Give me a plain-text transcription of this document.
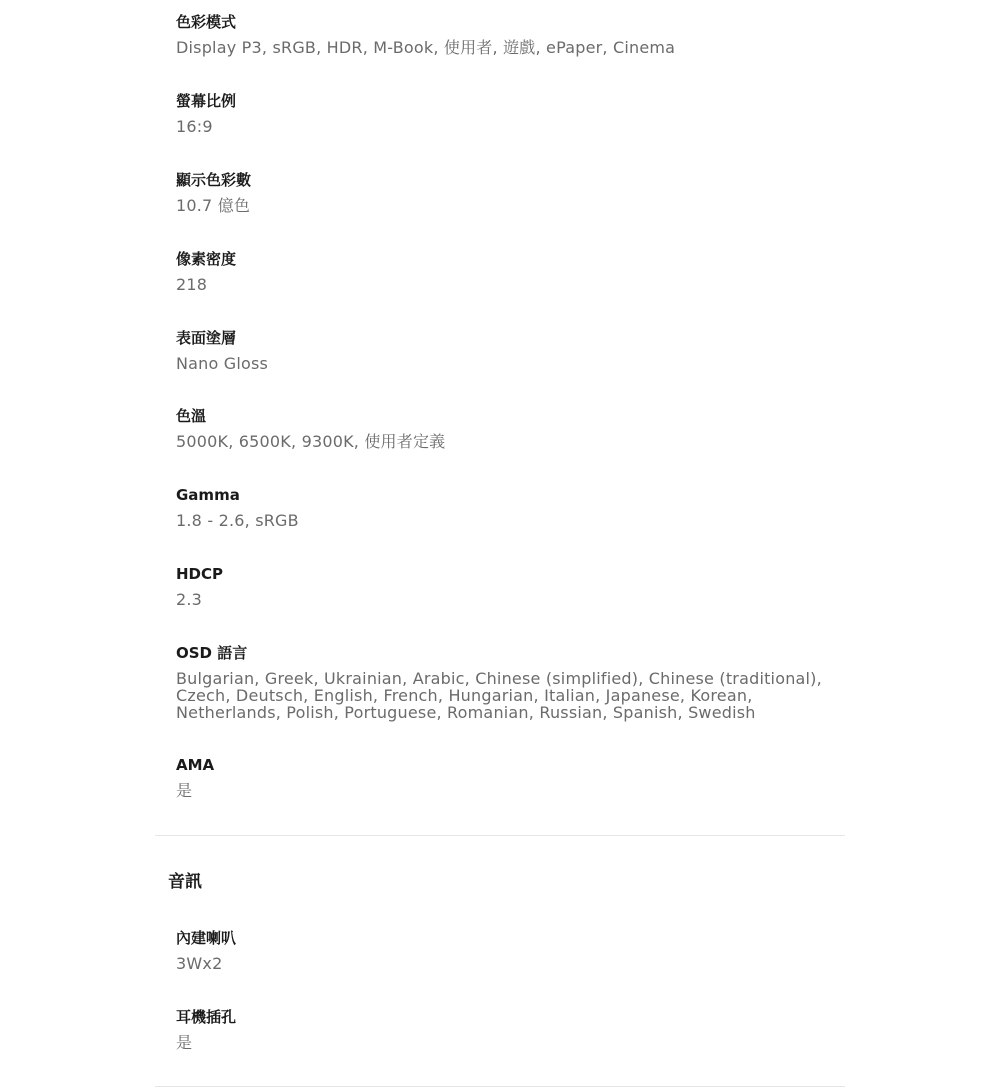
色彩模式
Display P3, sRGB, HDR, M-Book, 使用者, 遊戲, ePaper, Cinema
螢幕比例
16:9
顯示色彩數
10.7 億色
像素密度
218
表面塗層
Nano Gloss
色溫
5000K, 6500K, 9300K, 使用者定義
Gamma
1.8 - 2.6, sRGB
HDCP
2.3
OSD 語言
Bulgarian, Greek, Ukrainian, Arabic, Chinese (simplified), Chinese (traditional), Czech, Deutsch, English, French, Hungarian, Italian, Japanese, Korean, Netherlands, Polish, Portuguese, Romanian, Russian, Spanish, Swedish
AMA
是
音訊
內建喇叭
3Wx2
耳機插孔
是
